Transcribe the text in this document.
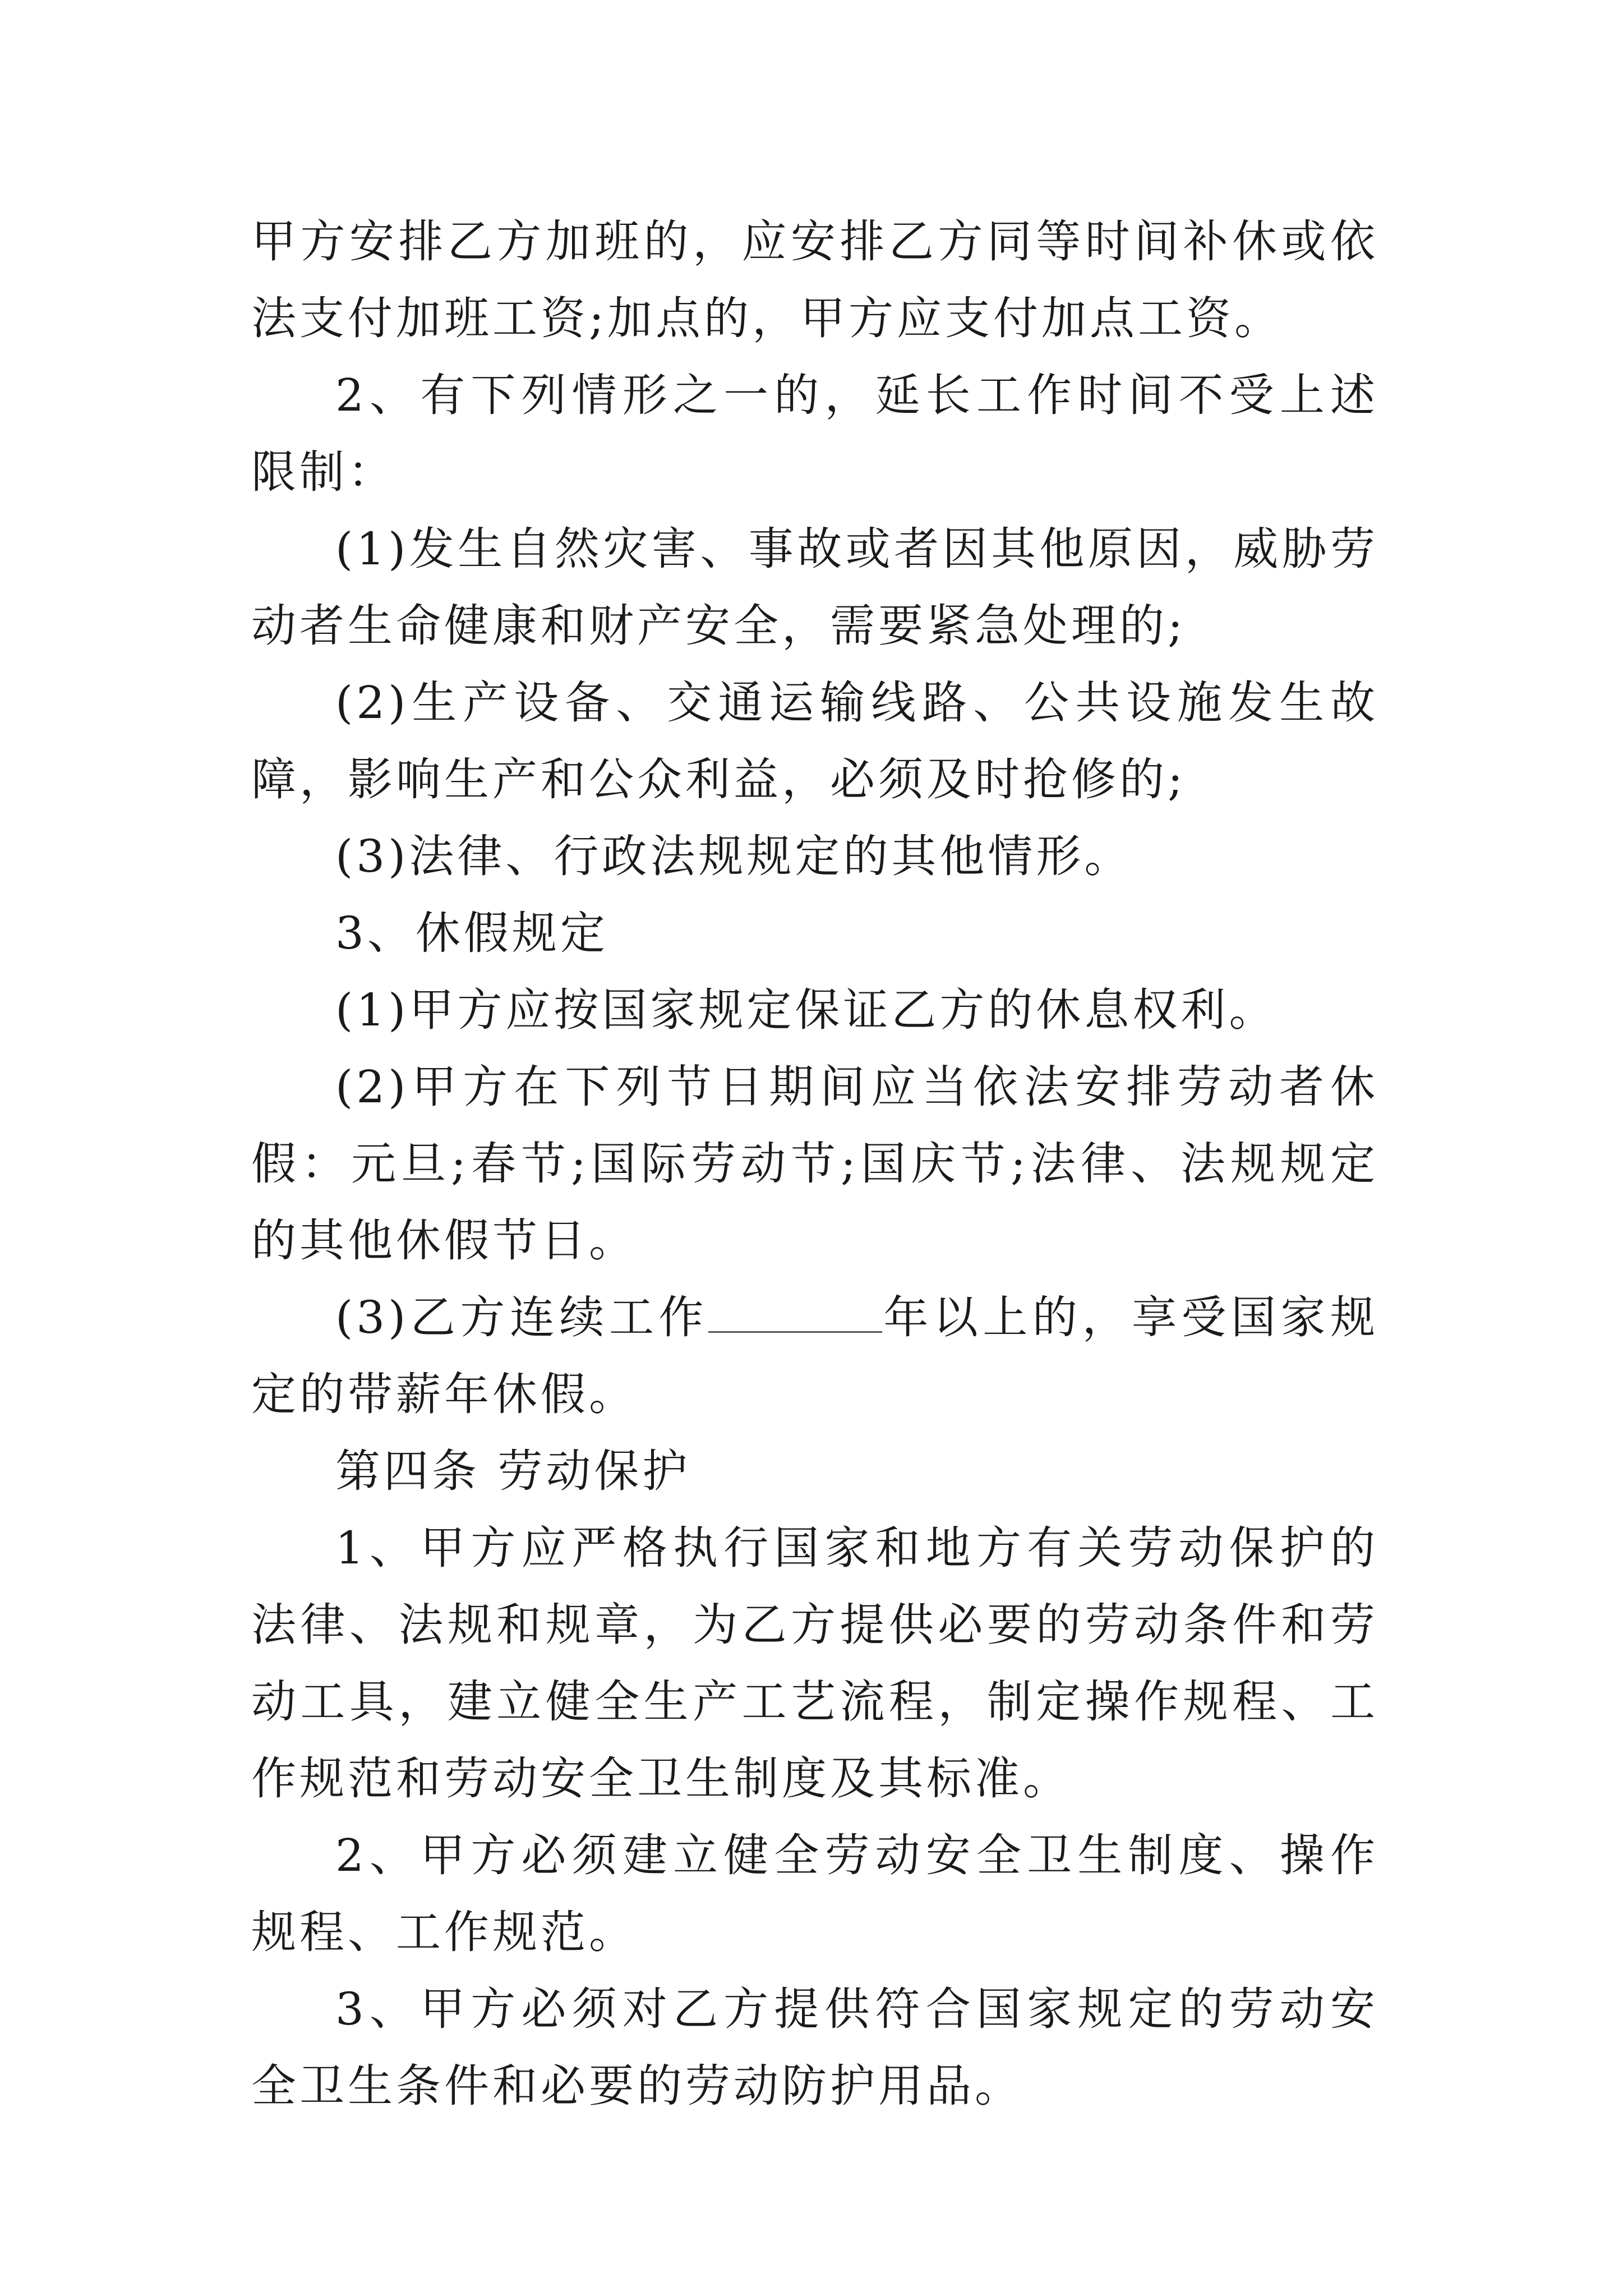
甲方安排乙方加班的，应安排乙方同等时间补休或依法支付加班工资;加点的，甲方应支付加点工资。

2、有下列情形之一的，延长工作时间不受上述限制：

(1)发生自然灾害、事故或者因其他原因，威胁劳动者生命健康和财产安全，需要紧急处理的;

(2)生产设备、交通运输线路、公共设施发生故障，影响生产和公众利益，必须及时抢修的;

(3)法律、行政法规规定的其他情形。

3、休假规定

(1)甲方应按国家规定保证乙方的休息权利。

(2)甲方在下列节日期间应当依法安排劳动者休假：元旦;春节;国际劳动节;国庆节;法律、法规规定的其他休假节日。

(3)乙方连续工作	年以上的，享受国家规定的带薪年休假。

第四条 劳动保护

1、甲方应严格执行国家和地方有关劳动保护的法律、法规和规章，为乙方提供必要的劳动条件和劳动工具，建立健全生产工艺流程，制定操作规程、工作规范和劳动安全卫生制度及其标准。

2、甲方必须建立健全劳动安全卫生制度、操作规程、工作规范。

3、甲方必须对乙方提供符合国家规定的劳动安全卫生条件和必要的劳动防护用品。
